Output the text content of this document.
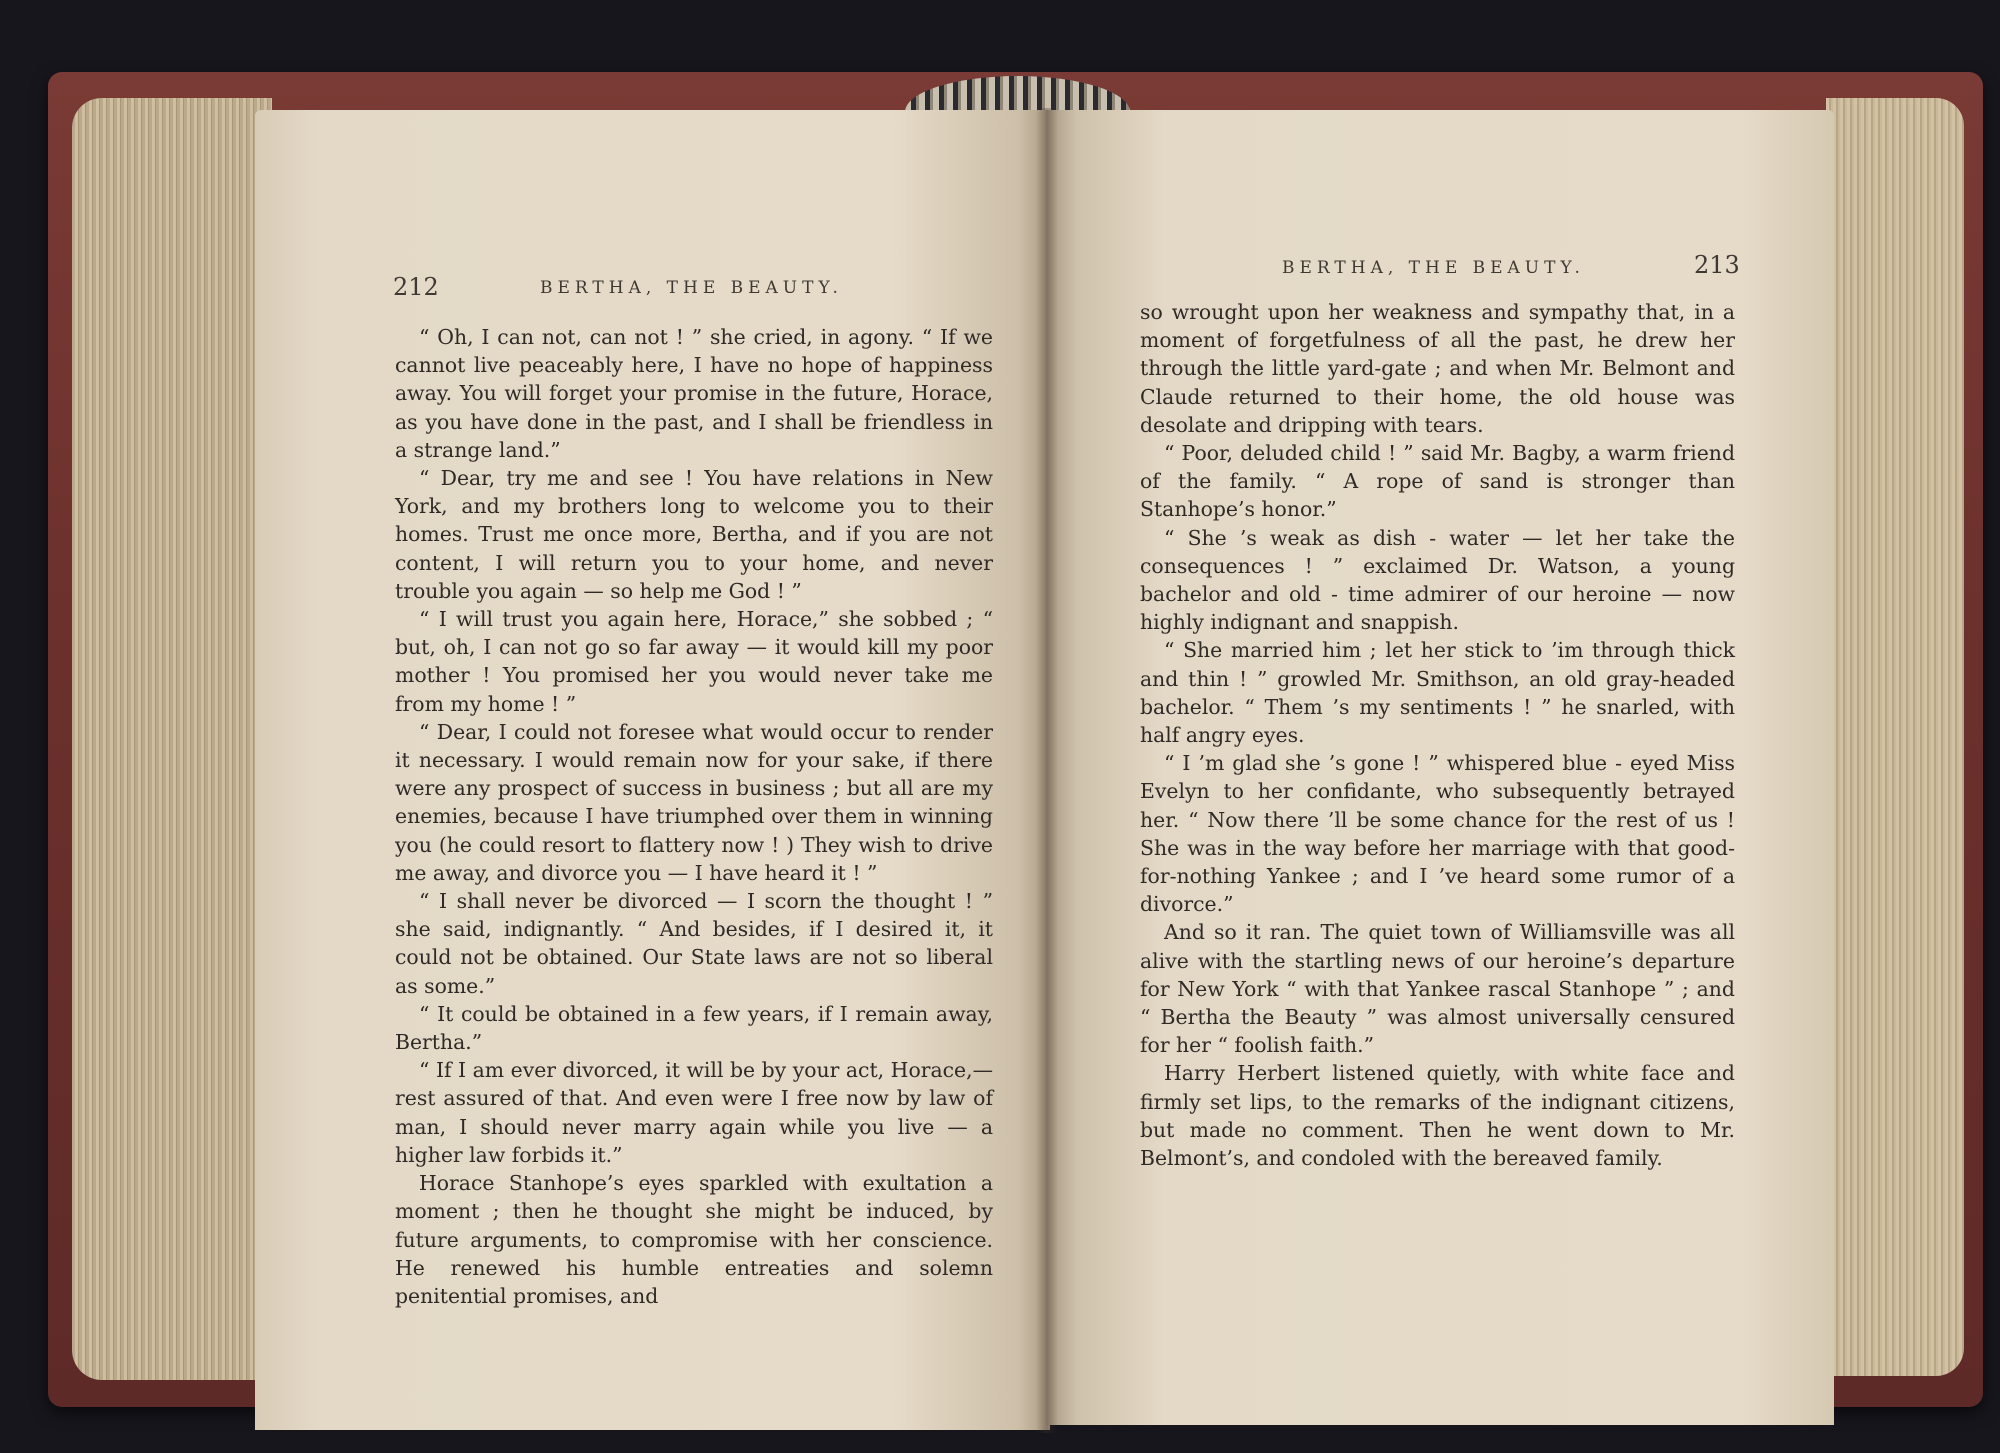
212	BERTHA, THE BEAUTY.
BERTHA, THE BEAUTY.	213

“ Oh, I can not, can not ! ” she cried, in agony. “ If we cannot live peaceably here, I have no hope of happiness away. You will forget your promise in the future, Horace, as you have done in the past, and I shall be friendless in a strange land.”

“ Dear, try me and see ! You have relations in New York, and my brothers long to welcome you to their homes. Trust me once more, Bertha, and if you are not content, I will return you to your home, and never trouble you again — so help me God ! ”

“ I will trust you again here, Horace,” she sobbed ; “ but, oh, I can not go so far away — it would kill my poor mother ! You promised her you would never take me from my home ! ”

“ Dear, I could not foresee what would occur to render it necessary. I would remain now for your sake, if there were any prospect of success in business ; but all are my enemies, because I have triumphed over them in winning you (he could resort to flattery now ! ) They wish to drive me away, and divorce you — I have heard it ! ”

“ I shall never be divorced — I scorn the thought ! ” she said, indignantly. “ And besides, if I desired it, it could not be obtained. Our State laws are not so liberal as some.”

“ It could be obtained in a few years, if I remain away, Bertha.”

“ If I am ever divorced, it will be by your act, Horace,— rest assured of that. And even were I free now by law of man, I should never marry again while you live — a higher law forbids it.”

Horace Stanhope’s eyes sparkled with exultation a moment ; then he thought she might be induced, by future arguments, to compromise with her conscience. He renewed his humble entreaties and solemn penitential promises, and

so wrought upon her weakness and sympathy that, in a moment of forgetfulness of all the past, he drew her through the little yard-gate ; and when Mr. Belmont and Claude returned to their home, the old house was desolate and dripping with tears.

“ Poor, deluded child ! ” said Mr. Bagby, a warm friend of the family. “ A rope of sand is stronger than Stanhope’s honor.”

“ She ’s weak as dish - water — let her take the consequences ! ” exclaimed Dr. Watson, a young bachelor and old - time admirer of our heroine — now highly indignant and snappish.

“ She married him ; let her stick to ’im through thick and thin ! ” growled Mr. Smithson, an old gray-headed bachelor. “ Them ’s my sentiments ! ” he snarled, with half angry eyes.

“ I ’m glad she ’s gone ! ” whispered blue - eyed Miss Evelyn to her confidante, who subsequently betrayed her. “ Now there ’ll be some chance for the rest of us ! She was in the way before her marriage with that good-for-nothing Yankee ; and I ’ve heard some rumor of a divorce.”

And so it ran. The quiet town of Williamsville was all alive with the startling news of our heroine’s departure for New York “ with that Yankee rascal Stanhope ” ; and “ Bertha the Beauty ” was almost universally censured for her “ foolish faith.”

Harry Herbert listened quietly, with white face and firmly set lips, to the remarks of the indignant citizens, but made no comment. Then he went down to Mr. Belmont’s, and condoled with the bereaved family.
